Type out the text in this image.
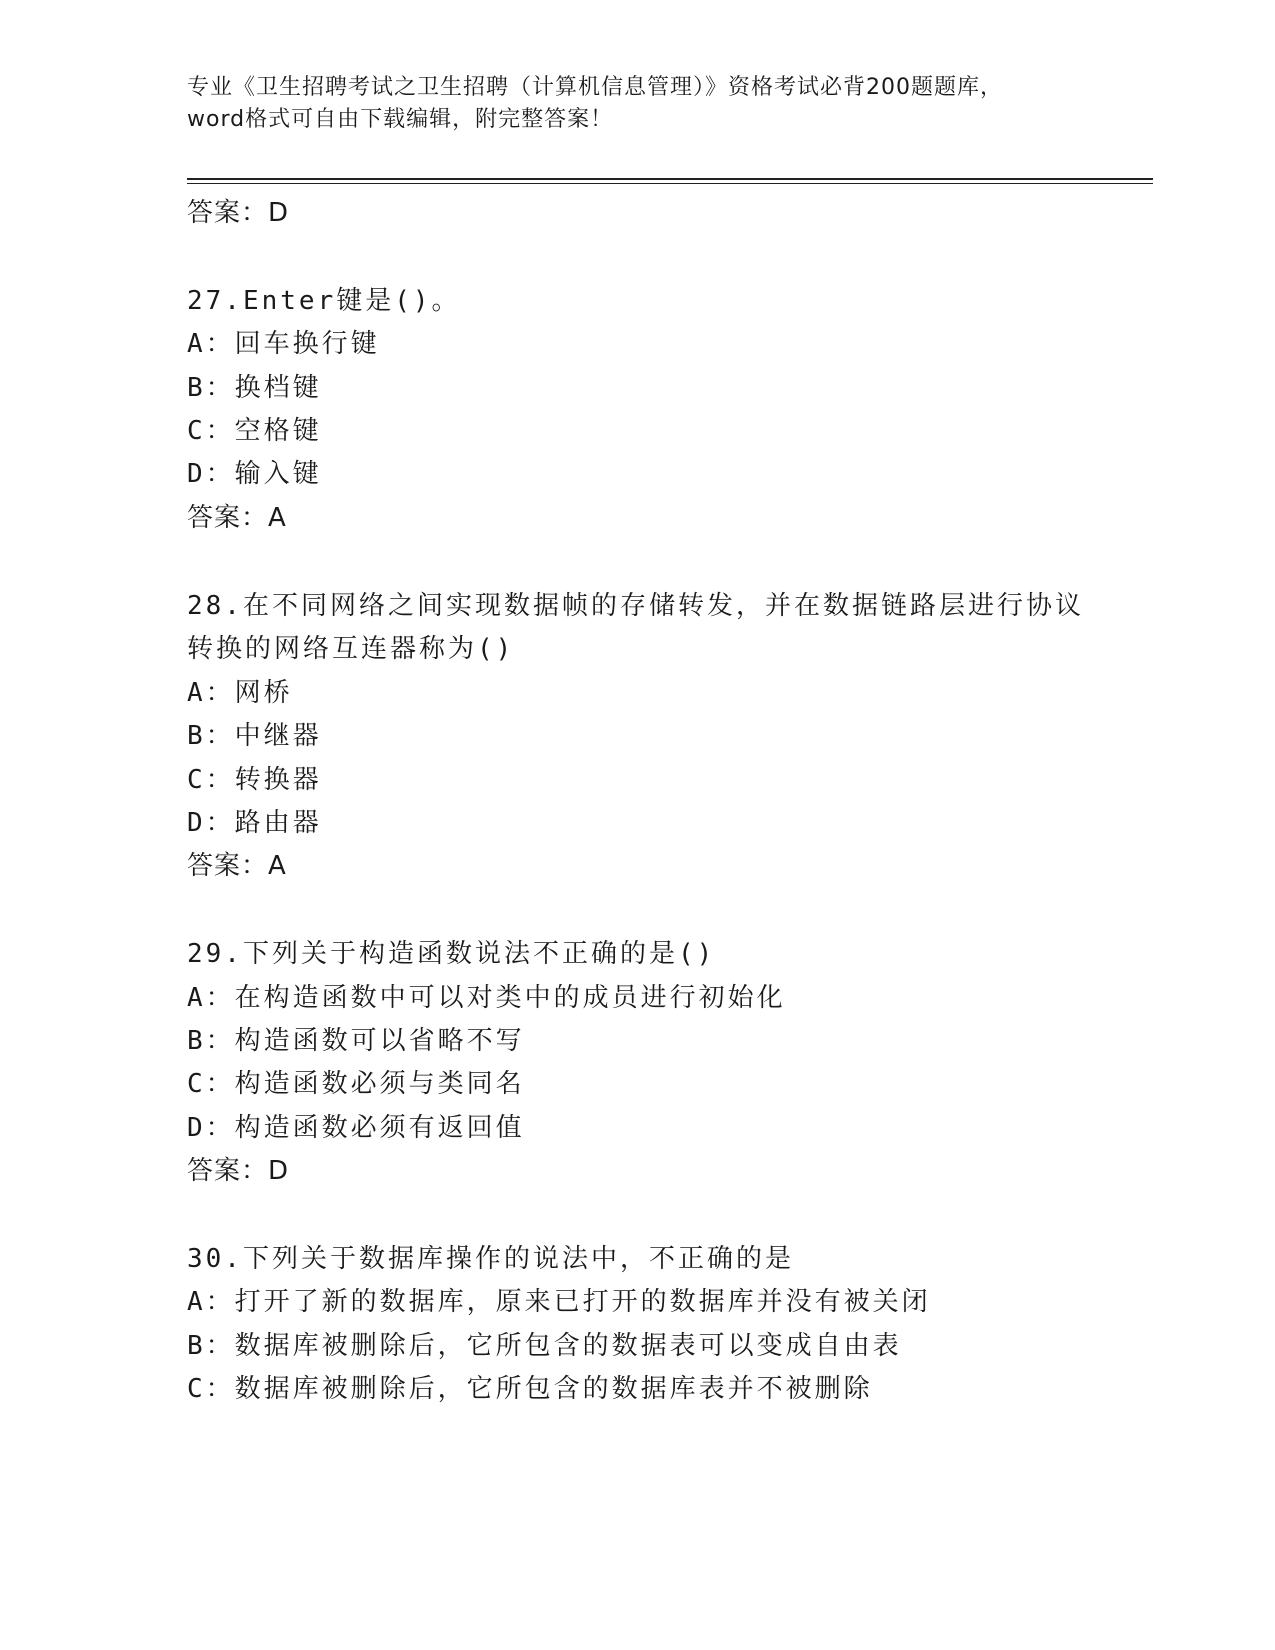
专业《卫生招聘考试之卫生招聘（计算机信息管理）》资格考试必背200题题库，
word格式可自由下载编辑，附完整答案！
答案：D
27.Enter键是()。
A：回车换行键
B：换档键
C：空格键
D：输入键
答案：A
28.在不同网络之间实现数据帧的存储转发，并在数据链路层进行协议
转换的网络互连器称为()
A：网桥
B：中继器
C：转换器
D：路由器
答案：A
29.下列关于构造函数说法不正确的是()
A：在构造函数中可以对类中的成员进行初始化
B：构造函数可以省略不写
C：构造函数必须与类同名
D：构造函数必须有返回值
答案：D
30.下列关于数据库操作的说法中，不正确的是
A：打开了新的数据库，原来已打开的数据库并没有被关闭
B：数据库被删除后，它所包含的数据表可以变成自由表
C：数据库被删除后，它所包含的数据库表并不被删除
